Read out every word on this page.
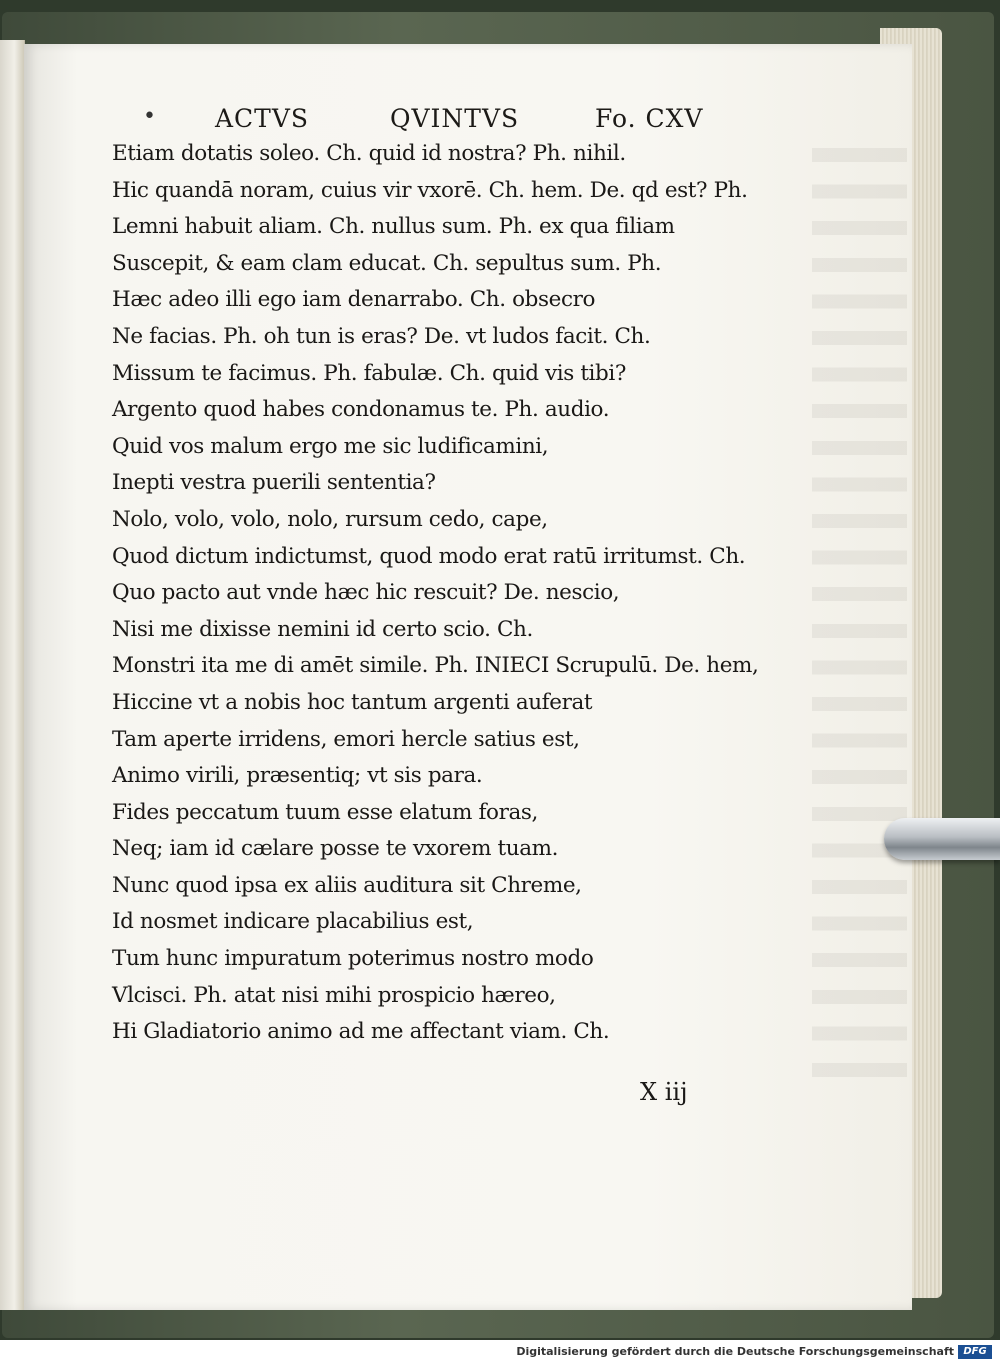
• ACTVS	QVINTVS	Fo. CXV
Etiam dotatis soleo. Ch. quid id nostra? Ph. nihil.
Hic quandā noram, cuius vir vxorē. Ch. hem. De. qd est? Ph.
Lemni habuit aliam. Ch. nullus sum. Ph. ex qua filiam
Suscepit, & eam clam educat. Ch. sepultus sum. Ph.
Hæc adeo illi ego iam denarrabo. Ch. obsecro
Ne facias. Ph. oh tun is eras? De. vt ludos facit. Ch.
Missum te facimus. Ph. fabulæ. Ch. quid vis tibi?
Argento quod habes condonamus te. Ph. audio.
Quid vos malum ergo me sic ludificamini,
Inepti vestra puerili sententia?
Nolo, volo, volo, nolo, rursum cedo, cape,
Quod dictum indictumst, quod modo erat ratū irritumst. Ch.
Quo pacto aut vnde hæc hic rescuit? De. nescio,
Nisi me dixisse nemini id certo scio. Ch.
Monstri ita me di amēt simile. Ph. INIECI Scrupulū. De. hem,
Hiccine vt a nobis hoc tantum argenti auferat
Tam aperte irridens, emori hercle satius est,
Animo virili, præsentiq; vt sis para.
Fides peccatum tuum esse elatum foras,
Neq; iam id cælare posse te vxorem tuam.
Nunc quod ipsa ex aliis auditura sit Chreme,
Id nosmet indicare placabilius est,
Tum hunc impuratum poterimus nostro modo
Vlcisci. Ph. atat nisi mihi prospicio hæreo,
Hi Gladiatorio animo ad me affectant viam. Ch.
X iij
Digitalisierung gefördert durch die Deutsche Forschungsgemeinschaft DFG
